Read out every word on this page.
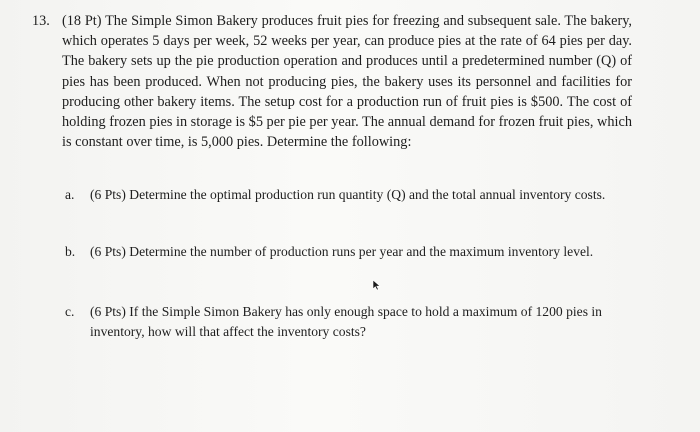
13. (18 Pt) The Simple Simon Bakery produces fruit pies for freezing and subsequent sale. The bakery, which operates 5 days per week, 52 weeks per year, can produce pies at the rate of 64 pies per day. The bakery sets up the pie production operation and produces until a predetermined number (Q) of pies has been produced. When not producing pies, the bakery uses its personnel and facilities for producing other bakery items. The setup cost for a production run of fruit pies is $500. The cost of holding frozen pies in storage is $5 per pie per year. The annual demand for frozen fruit pies, which is constant over time, is 5,000 pies. Determine the following:
a. (6 Pts) Determine the optimal production run quantity (Q) and the total annual inventory costs.
b. (6 Pts) Determine the number of production runs per year and the maximum inventory level.
c. (6 Pts) If the Simple Simon Bakery has only enough space to hold a maximum of 1200 pies in inventory, how will that affect the inventory costs?
